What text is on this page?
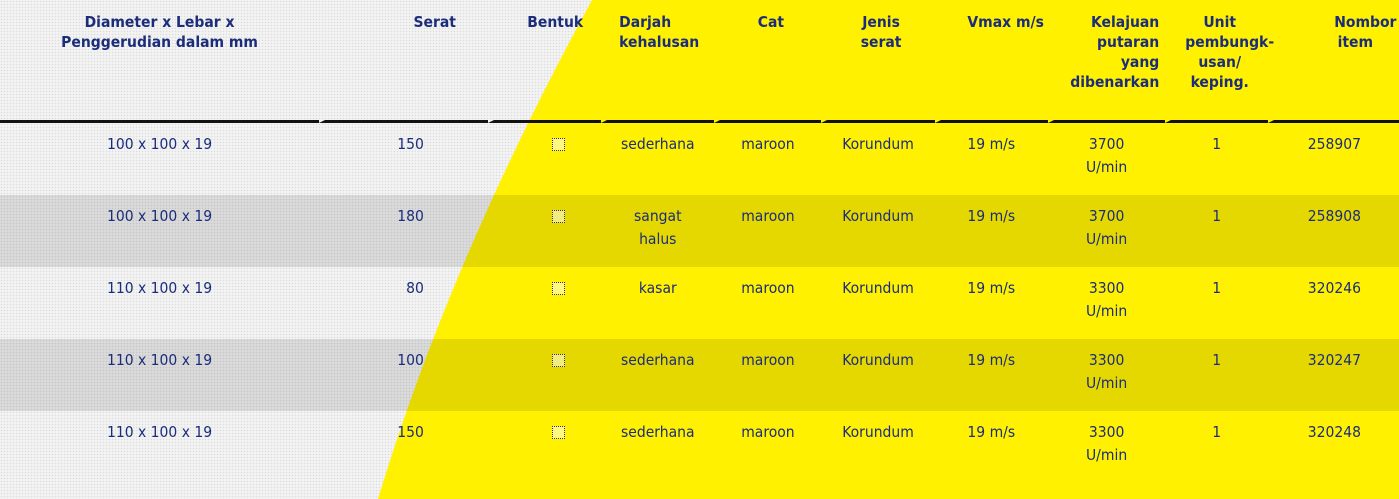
Diameter x Lebar x Penggerudian dalam mm	Serat	Bentuk	Darjah kehalusan	Cat	Jenis serat	Vmax m/s	Kelajuan putaran yang dibenarkan	Unit pembungk-usan/ keping.	Nombor item
100 x 100 x 19	150		sederhana	maroon	Korundum	19 m/s	3700 U/min	1	258907
100 x 100 x 19	180		sangat halus	maroon	Korundum	19 m/s	3700 U/min	1	258908
110 x 100 x 19	80		kasar	maroon	Korundum	19 m/s	3300 U/min	1	320246
110 x 100 x 19	100		sederhana	maroon	Korundum	19 m/s	3300 U/min	1	320247
110 x 100 x 19	150		sederhana	maroon	Korundum	19 m/s	3300 U/min	1	320248
